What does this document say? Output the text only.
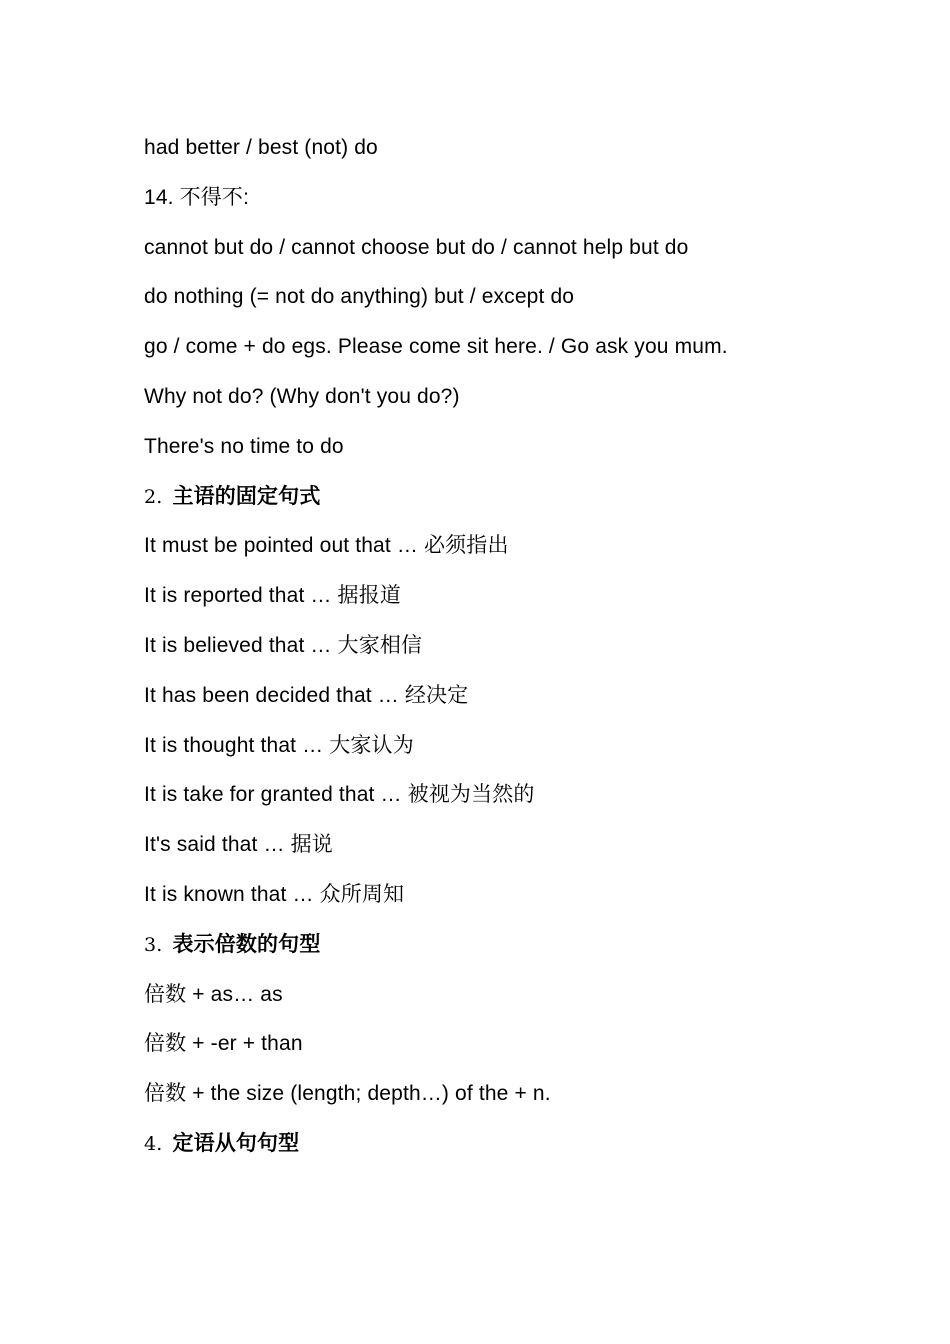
had better / best (not) do
14. 不得不:
cannot but do / cannot choose but do / cannot help but do
do nothing (= not do anything) but / except do
go / come + do egs. Please come sit here. / Go ask you mum.
Why not do? (Why don't you do?)
There's no time to do
2. 主语的固定句式
It must be pointed out that … 必须指出
It is reported that … 据报道
It is believed that … 大家相信
It has been decided that … 经决定
It is thought that … 大家认为
It is take for granted that … 被视为当然的
It's said that … 据说
It is known that … 众所周知
3. 表示倍数的句型
倍数 + as… as
倍数 + -er + than
倍数 + the size (length; depth…) of the + n.
4. 定语从句句型
